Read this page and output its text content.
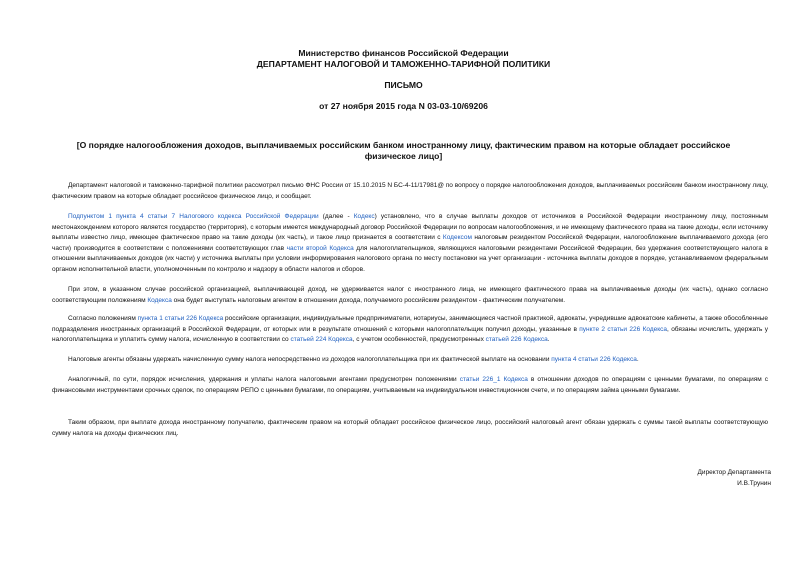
Министерство финансов Российской Федерации
ДЕПАРТАМЕНТ НАЛОГОВОЙ И ТАМОЖЕННО-ТАРИФНОЙ ПОЛИТИКИ
ПИСЬМО
от 27 ноября 2015 года N 03-03-10/69206
[О порядке налогообложения доходов, выплачиваемых российским банком иностранному лицу, фактическим правом на которые обладает российское физическое лицо]

Департамент налоговой и таможенно-тарифной политики рассмотрел письмо ФНС России от 15.10.2015 N БС-4-11/17981@ по вопросу о порядке налогообложения доходов, выплачиваемых российским банком иностранному лицу, фактическим правом на которые обладает российское физическое лицо, и сообщает.

Подпунктом 1 пункта 4 статьи 7 Налогового кодекса Российской Федерации (далее - Кодекс) установлено, что в случае выплаты доходов от источников в Российской Федерации иностранному лицу, постоянным местонахождением которого является государство (территория), с которым имеется международный договор Российской Федерации по вопросам налогообложения, и не имеющему фактического права на такие доходы, если источнику выплаты известно лицо, имеющее фактическое право на такие доходы (их часть), и такое лицо признается в соответствии с Кодексом налоговым резидентом Российской Федерации, налогообложение выплачиваемого дохода (его части) производится в соответствии с положениями соответствующих глав части второй Кодекса для налогоплательщиков, являющихся налоговыми резидентами Российской Федерации, без удержания соответствующего налога в отношении выплачиваемых доходов (их части) у источника выплаты при условии информирования налогового органа по месту постановки на учет организации - источника выплаты доходов в порядке, устанавливаемом федеральным органом исполнительной власти, уполномоченным по контролю и надзору в области налогов и сборов.

При этом, в указанном случае российской организацией, выплачивающей доход, не удерживается налог с иностранного лица, не имеющего фактического права на выплачиваемые доходы (их часть), однако согласно соответствующим положениям Кодекса она будет выступать налоговым агентом в отношении дохода, получаемого российским резидентом - фактическим получателем.

Согласно положениям пункта 1 статьи 226 Кодекса российские организации, индивидуальные предприниматели, нотариусы, занимающиеся частной практикой, адвокаты, учредившие адвокатские кабинеты, а также обособленные подразделения иностранных организаций в Российской Федерации, от которых или в результате отношений с которыми налогоплательщик получил доходы, указанные в пункте 2 статьи 226 Кодекса, обязаны исчислить, удержать у налогоплательщика и уплатить сумму налога, исчисленную в соответствии со статьей 224 Кодекса, с учетом особенностей, предусмотренных статьей 226 Кодекса.

Налоговые агенты обязаны удержать начисленную сумму налога непосредственно из доходов налогоплательщика при их фактической выплате на основании пункта 4 статьи 226 Кодекса.

Аналогичный, по сути, порядок исчисления, удержания и уплаты налога налоговыми агентами предусмотрен положениями статьи 226_1 Кодекса в отношении доходов по операциям с ценными бумагами, по операциям с финансовыми инструментами срочных сделок, по операциям РЕПО с ценными бумагами, по операциям, учитываемым на индивидуальном инвестиционном счете, и по операциям займа ценными бумагами.

Таким образом, при выплате дохода иностранному получателю, фактическим правом на который обладает российское физическое лицо, российский налоговый агент обязан удержать с суммы такой выплаты соответствующую сумму налога на доходы физических лиц.

Директор Департамента
И.В.Трунин
